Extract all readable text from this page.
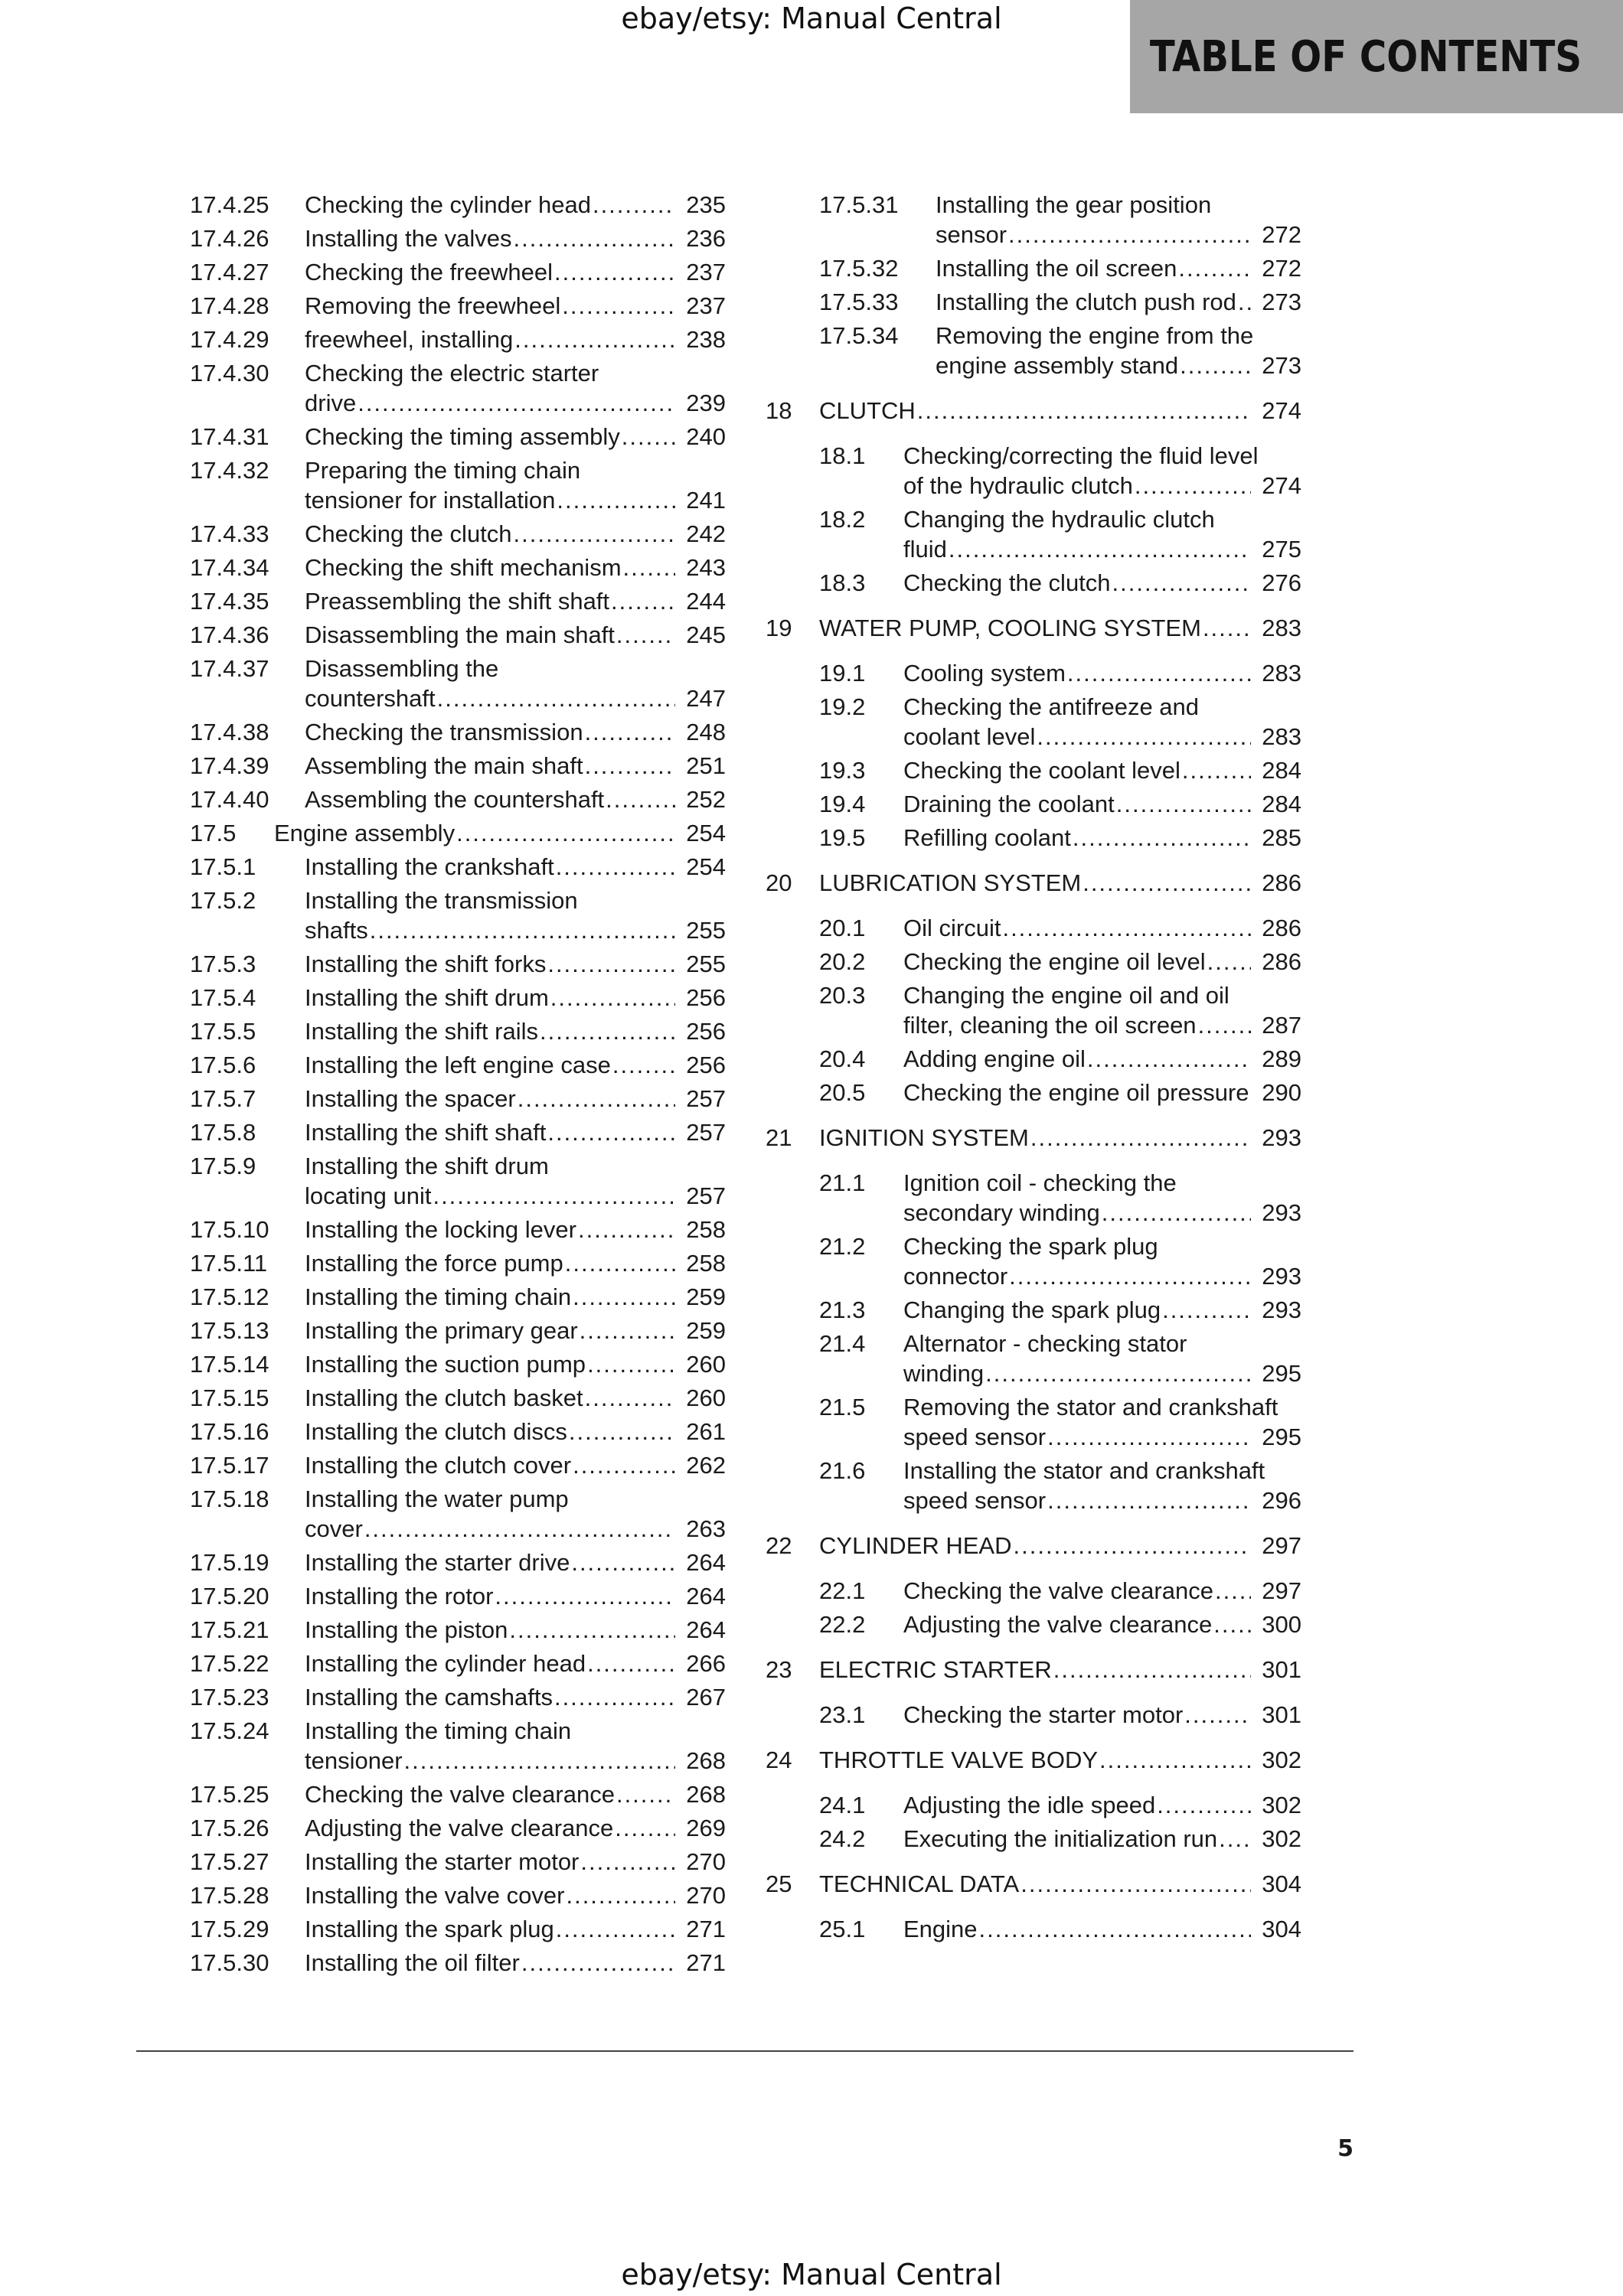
ebay/etsy: Manual Central
TABLE OF CONTENTS
17.4.25 Checking the cylinder head .....	235
17.4.26 Installing the valves .....	236
17.4.27 Checking the freewheel .....	237
17.4.28 Removing the freewheel .....	237
17.4.29 freewheel, installing .....	238
17.4.30 Checking the electric starter
drive .....	239
17.4.31 Checking the timing assembly .....	240
17.4.32 Preparing the timing chain
tensioner for installation .....	241
17.4.33 Checking the clutch .....	242
17.4.34 Checking the shift mechanism .....	243
17.4.35 Preassembling the shift shaft .....	244
17.4.36 Disassembling the main shaft .....	245
17.4.37 Disassembling the
countershaft .....	247
17.4.38 Checking the transmission .....	248
17.4.39 Assembling the main shaft .....	251
17.4.40 Assembling the countershaft .....	252
17.5 Engine assembly .....	254
17.5.1 Installing the crankshaft .....	254
17.5.2 Installing the transmission
shafts .....	255
17.5.3 Installing the shift forks .....	255
17.5.4 Installing the shift drum .....	256
17.5.5 Installing the shift rails .....	256
17.5.6 Installing the left engine case .....	256
17.5.7 Installing the spacer .....	257
17.5.8 Installing the shift shaft .....	257
17.5.9 Installing the shift drum
locating unit .....	257
17.5.10 Installing the locking lever .....	258
17.5.11 Installing the force pump .....	258
17.5.12 Installing the timing chain .....	259
17.5.13 Installing the primary gear .....	259
17.5.14 Installing the suction pump .....	260
17.5.15 Installing the clutch basket .....	260
17.5.16 Installing the clutch discs .....	261
17.5.17 Installing the clutch cover .....	262
17.5.18 Installing the water pump
cover .....	263
17.5.19 Installing the starter drive .....	264
17.5.20 Installing the rotor .....	264
17.5.21 Installing the piston .....	264
17.5.22 Installing the cylinder head .....	266
17.5.23 Installing the camshafts .....	267
17.5.24 Installing the timing chain
tensioner .....	268
17.5.25 Checking the valve clearance .....	268
17.5.26 Adjusting the valve clearance .....	269
17.5.27 Installing the starter motor .....	270
17.5.28 Installing the valve cover .....	270
17.5.29 Installing the spark plug .....	271
17.5.30 Installing the oil filter .....	271
17.5.31 Installing the gear position
sensor .....	272
17.5.32 Installing the oil screen .....	272
17.5.33 Installing the clutch push rod ..... 273
17.5.34 Removing the engine from the
engine assembly stand .....	273
18 CLUTCH .....	274
18.1 Checking/correcting the fluid level
of the hydraulic clutch .....	274
18.2 Changing the hydraulic clutch
fluid .....	275
18.3 Checking the clutch .....	276
19 WATER PUMP, COOLING SYSTEM .....	283
19.1 Cooling system .....	283
19.2 Checking the antifreeze and
coolant level .....	283
19.3 Checking the coolant level .....	284
19.4 Draining the coolant .....	284
19.5 Refilling coolant .....	285
20 LUBRICATION SYSTEM .....	286
20.1 Oil circuit .....	286
20.2 Checking the engine oil level ..... 286
20.3 Changing the engine oil and oil
filter, cleaning the oil screen .....	287
20.4 Adding engine oil .....	289
20.5 Checking the engine oil pressure ..... 290
21 IGNITION SYSTEM .....	293
21.1 Ignition coil - checking the
secondary winding .....	293
21.2 Checking the spark plug
connector .....	293
21.3 Changing the spark plug .....	293
21.4 Alternator - checking stator
winding .....	295
21.5 Removing the stator and crankshaft
speed sensor .....	295
21.6 Installing the stator and crankshaft
speed sensor .....	296
22 CYLINDER HEAD .....	297
22.1 Checking the valve clearance ..... 297
22.2 Adjusting the valve clearance ..... 300
23 ELECTRIC STARTER .....	301
23.1 Checking the starter motor .....	301
24 THROTTLE VALVE BODY .....	302
24.1 Adjusting the idle speed .....	302
24.2 Executing the initialization run ..... 302
25 TECHNICAL DATA .....	304
25.1 Engine .....	304
5
ebay/etsy: Manual Central
